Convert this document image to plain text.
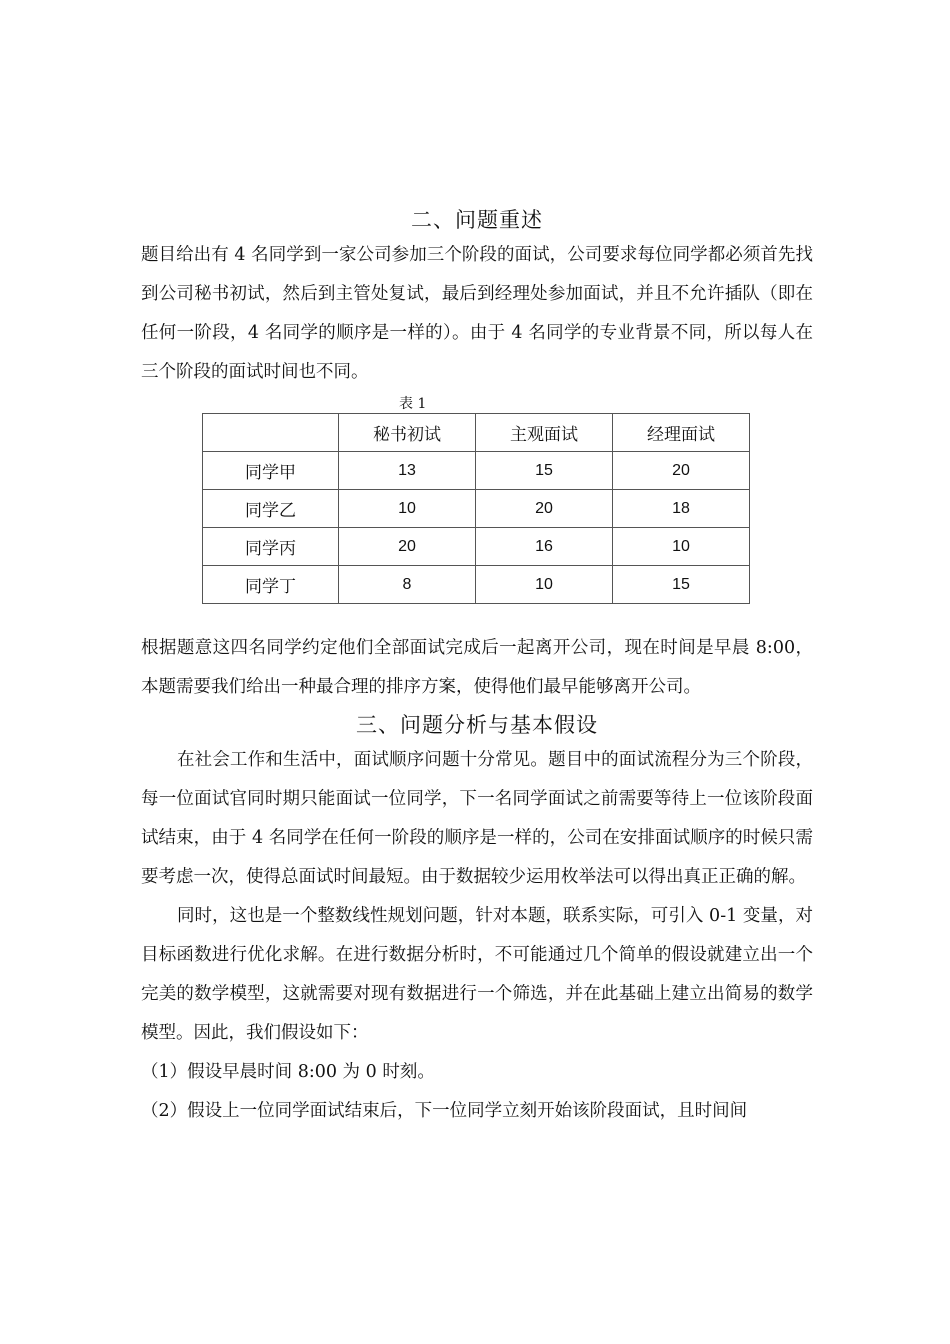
二、问题重述

题目给出有 4 名同学到一家公司参加三个阶段的面试，公司要求每位同学都必须首先找到公司秘书初试，然后到主管处复试，最后到经理处参加面试，并且不允许插队（即在任何一阶段，4 名同学的顺序是一样的）。由于 4 名同学的专业背景不同，所以每人在三个阶段的面试时间也不同。

表 1
	秘书初试	主观面试	经理面试
同学甲	13	15	20
同学乙	10	20	18
同学丙	20	16	10
同学丁	8	10	15

根据题意这四名同学约定他们全部面试完成后一起离开公司，现在时间是早晨 8:00，本题需要我们给出一种最合理的排序方案，使得他们最早能够离开公司。

三、问题分析与基本假设

在社会工作和生活中，面试顺序问题十分常见。题目中的面试流程分为三个阶段，每一位面试官同时期只能面试一位同学，下一名同学面试之前需要等待上一位该阶段面试结束，由于 4 名同学在任何一阶段的顺序是一样的，公司在安排面试顺序的时候只需要考虑一次，使得总面试时间最短。由于数据较少运用枚举法可以得出真正正确的解。

同时，这也是一个整数线性规划问题，针对本题，联系实际，可引入 0-1 变量，对目标函数进行优化求解。在进行数据分析时，不可能通过几个简单的假设就建立出一个完美的数学模型，这就需要对现有数据进行一个筛选，并在此基础上建立出简易的数学模型。因此，我们假设如下：

（1）假设早晨时间 8:00 为 0 时刻。

（2）假设上一位同学面试结束后，下一位同学立刻开始该阶段面试，且时间间
